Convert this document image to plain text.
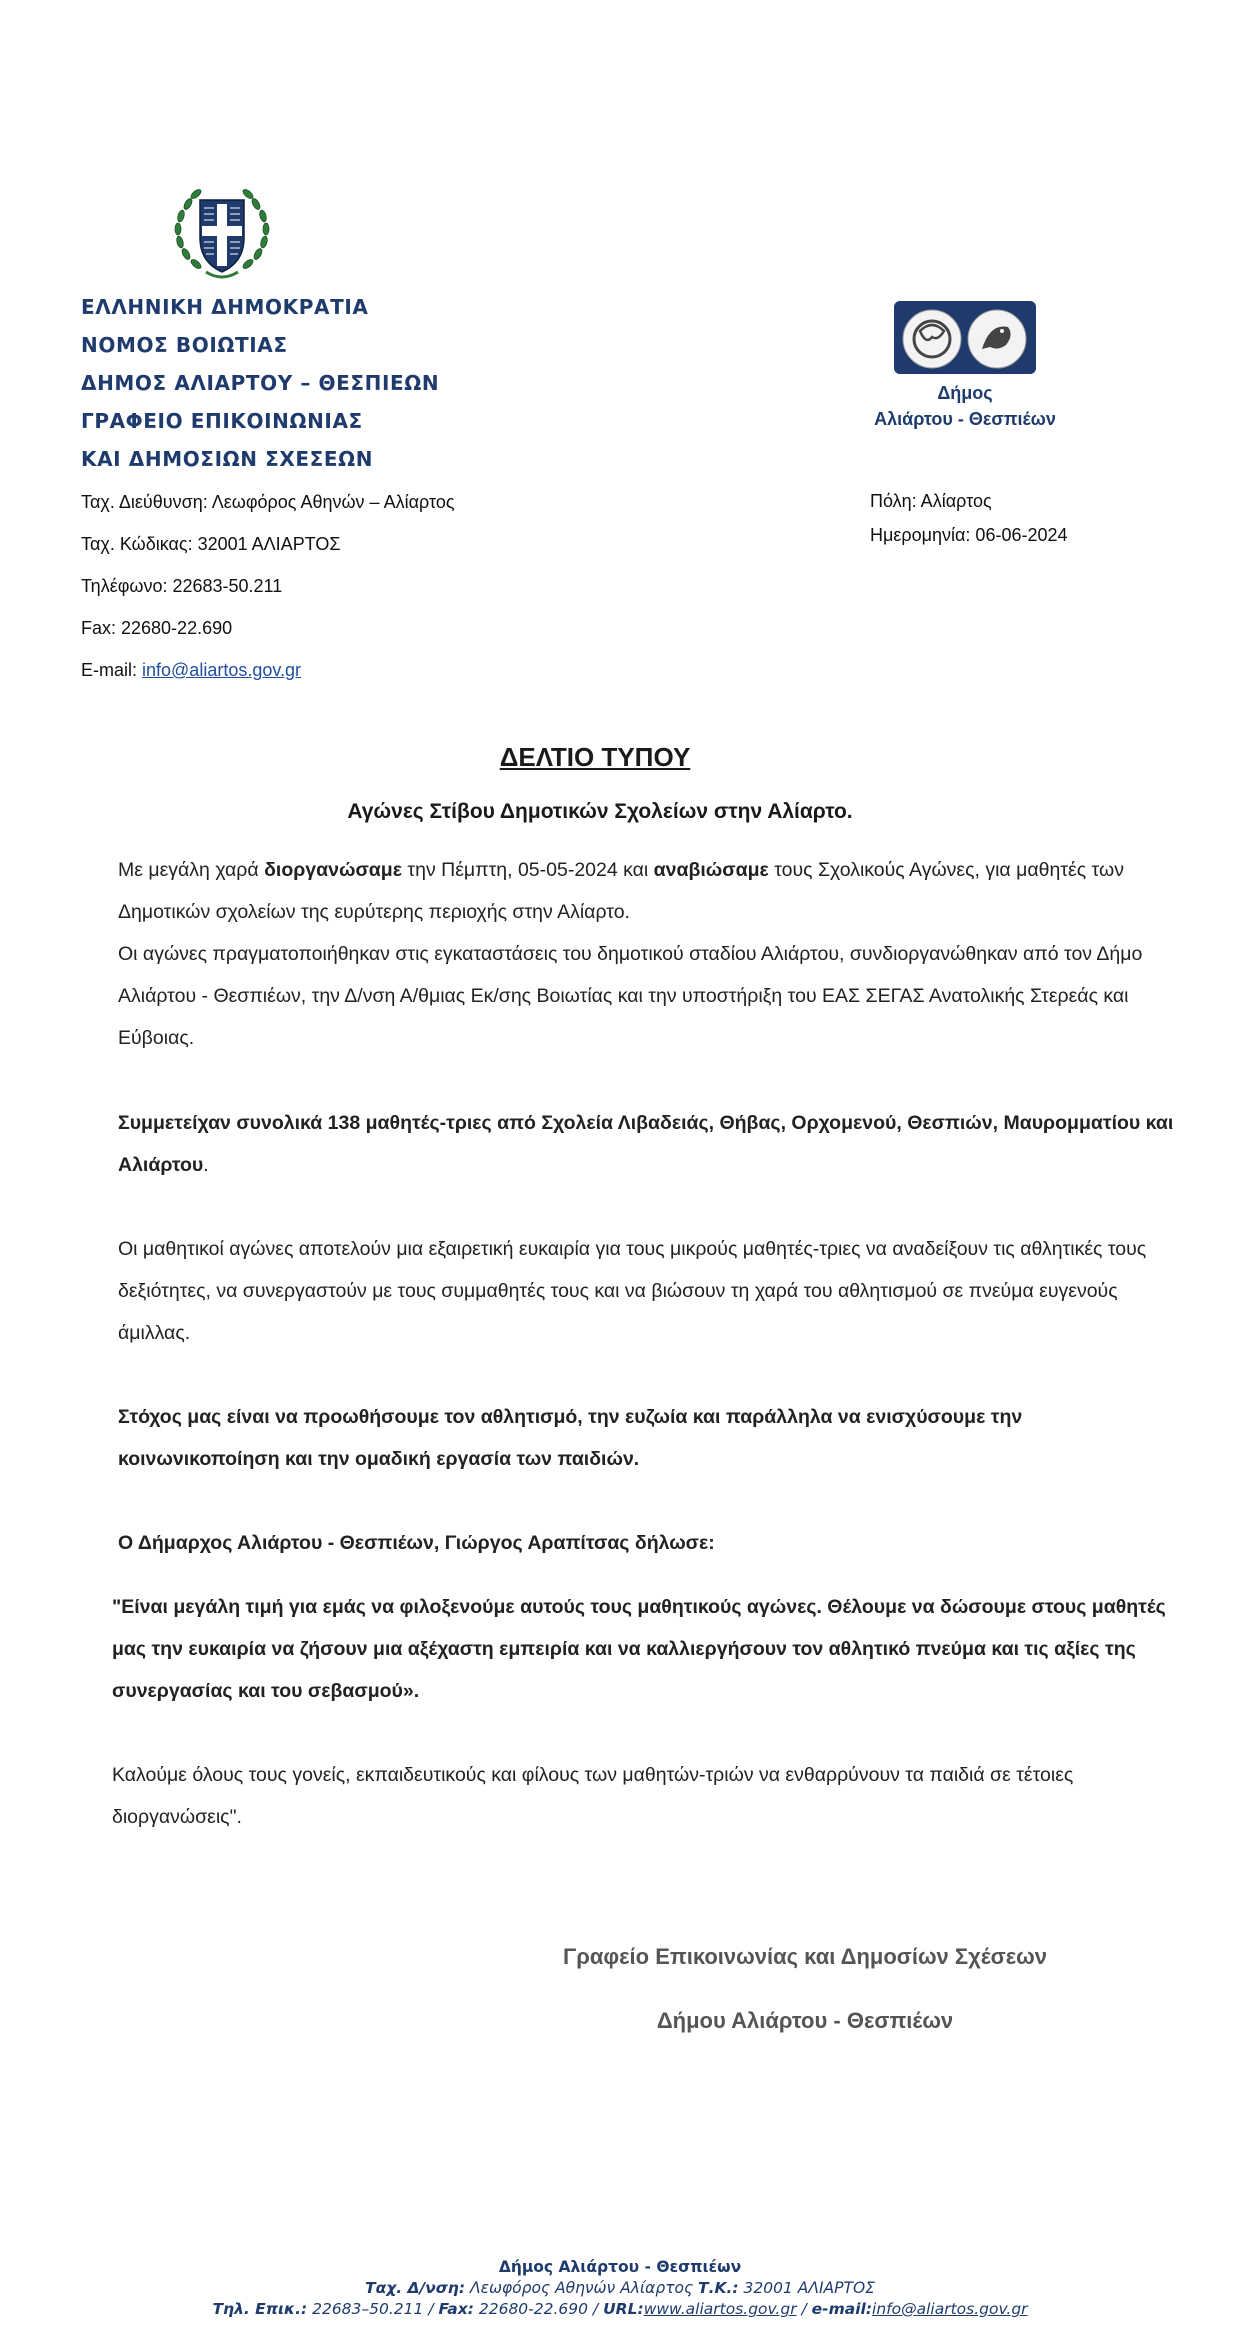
ΕΛΛΗΝΙΚΗ ΔΗΜΟΚΡΑΤΙΑ
ΝΟΜΟΣ ΒΟΙΩΤΙΑΣ
ΔΗΜΟΣ ΑΛΙΑΡΤΟΥ – ΘΕΣΠΙΕΩΝ
ΓΡΑΦΕΙΟ ΕΠΙΚΟΙΝΩΝΙΑΣ
ΚΑΙ ΔΗΜΟΣΙΩΝ ΣΧΕΣΕΩΝ
Ταχ. Διεύθυνση: Λεωφόρος Αθηνών – Αλίαρτος
Ταχ. Κώδικας: 32001 ΑΛΙΑΡΤΟΣ
Τηλέφωνο: 22683-50.211
Fax: 22680-22.690
E-mail: info@aliartos.gov.gr
Δήμος
Αλιάρτου - Θεσπιέων
Πόλη: Αλίαρτος
Ημερομηνία: 06-06-2024
ΔΕΛΤΙΟ ΤΥΠΟΥ
Αγώνες Στίβου Δημοτικών Σχολείων στην Αλίαρτο.
Με μεγάλη χαρά διοργανώσαμε την Πέμπτη, 05-05-2024 και αναβιώσαμε τους Σχολικούς Αγώνες, για μαθητές των Δημοτικών σχολείων της ευρύτερης περιοχής στην Αλίαρτο.
Οι αγώνες πραγματοποιήθηκαν στις εγκαταστάσεις του δημοτικού σταδίου Αλιάρτου, συνδιοργανώθηκαν από τον Δήμο Αλιάρτου - Θεσπιέων, την Δ/νση Α/θμιας Εκ/σης Βοιωτίας και την υποστήριξη του ΕΑΣ ΣΕΓΑΣ Ανατολικής Στερεάς και Εύβοιας.
Συμμετείχαν συνολικά 138 μαθητές-τριες από Σχολεία Λιβαδειάς, Θήβας, Ορχομενού, Θεσπιών, Μαυρομματίου και Αλιάρτου.
Οι μαθητικοί αγώνες αποτελούν μια εξαιρετική ευκαιρία για τους μικρούς μαθητές-τριες να αναδείξουν τις αθλητικές τους δεξιότητες, να συνεργαστούν με τους συμμαθητές τους και να βιώσουν τη χαρά του αθλητισμού σε πνεύμα ευγενούς άμιλλας.
Στόχος μας είναι να προωθήσουμε τον αθλητισμό, την ευζωία και παράλληλα να ενισχύσουμε την κοινωνικοποίηση και την ομαδική εργασία των παιδιών.
Ο Δήμαρχος Αλιάρτου - Θεσπιέων, Γιώργος Αραπίτσας δήλωσε:
"Είναι μεγάλη τιμή για εμάς να φιλοξενούμε αυτούς τους μαθητικούς αγώνες. Θέλουμε να δώσουμε στους μαθητές μας την ευκαιρία να ζήσουν μια αξέχαστη εμπειρία και να καλλιεργήσουν τον αθλητικό πνεύμα και τις αξίες της συνεργασίας και του σεβασμού».
Καλούμε όλους τους γονείς, εκπαιδευτικούς και φίλους των μαθητών-τριών να ενθαρρύνουν τα παιδιά σε τέτοιες διοργανώσεις".
Γραφείο Επικοινωνίας και Δημοσίων Σχέσεων
Δήμου Αλιάρτου - Θεσπιέων
Δήμος Αλιάρτου - Θεσπιέων
Ταχ. Δ/νση: Λεωφόρος Αθηνών Αλίαρτος Τ.Κ.: 32001 ΑΛΙΑΡΤΟΣ
Τηλ. Επικ.: 22683–50.211 / Fax: 22680-22.690 / URL:www.aliartos.gov.gr / e-mail:info@aliartos.gov.gr
